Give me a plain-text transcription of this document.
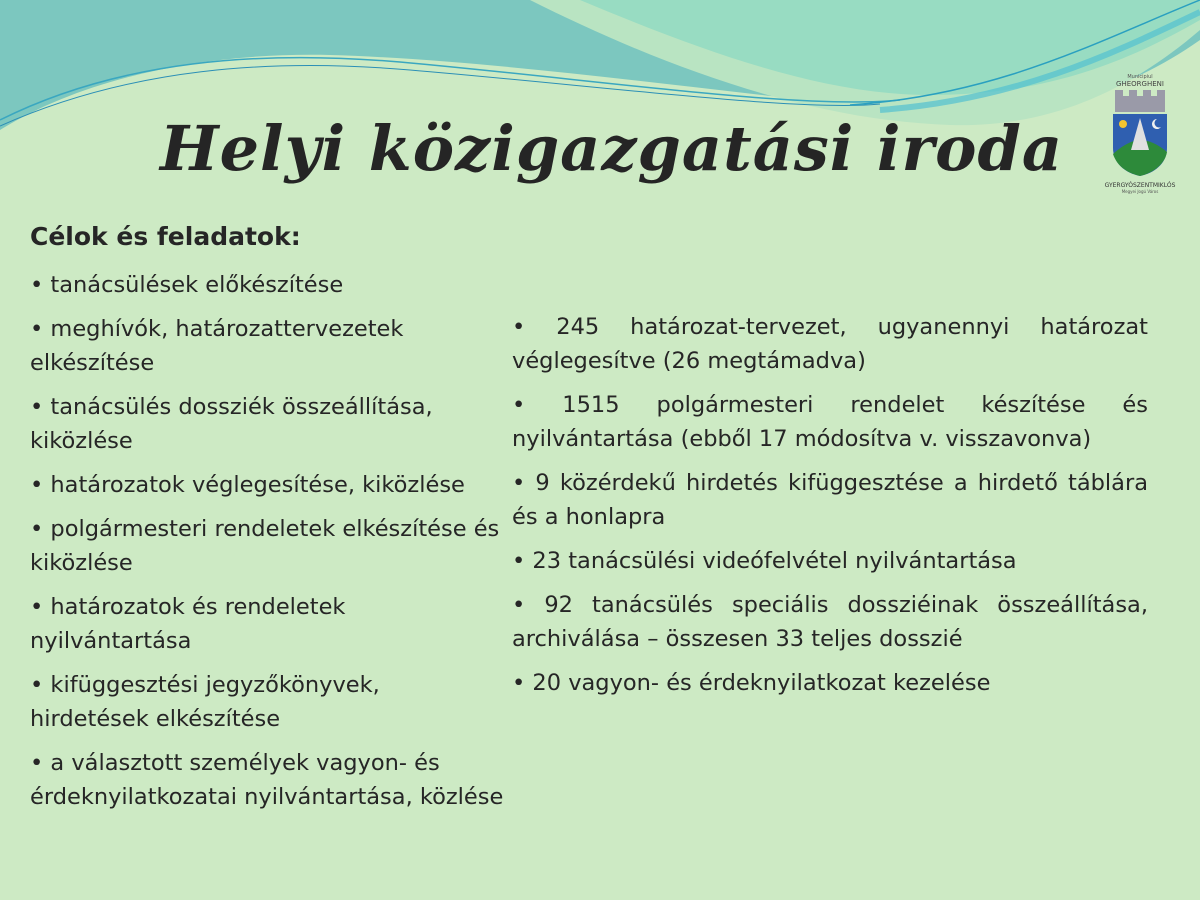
Helyi közigazgatási iroda
Municipiul
GHEORGHENI
GYERGYÓSZENTMIKLÓS
Megyei Jogú Város
Célok és feladatok:
• tanácsülések előkészítése
• meghívók, határozattervezetek elkészítése
• tanácsülés dossziék összeállítása, kiközlése
• határozatok véglegesítése, kiközlése
• polgármesteri rendeletek elkészítése és kiközlése
• határozatok és rendeletek nyilvántartása
• kifüggesztési jegyzőkönyvek, hirdetések elkészítése
• a választott személyek vagyon- és érdeknyilatkozatai nyilvántartása, közlése
• 245 határozat-tervezet, ugyanennyi határozat véglegesítve (26 megtámadva)
• 1515 polgármesteri rendelet készítése és nyilvántartása (ebből 17 módosítva v. visszavonva)
• 9 közérdekű hirdetés kifüggesztése a hirdető táblára és a honlapra
• 23 tanácsülési videófelvétel nyilvántartása
• 92 tanácsülés speciális dossziéinak összeállítása, archiválása – összesen 33 teljes dosszié
• 20 vagyon- és érdeknyilatkozat kezelése
